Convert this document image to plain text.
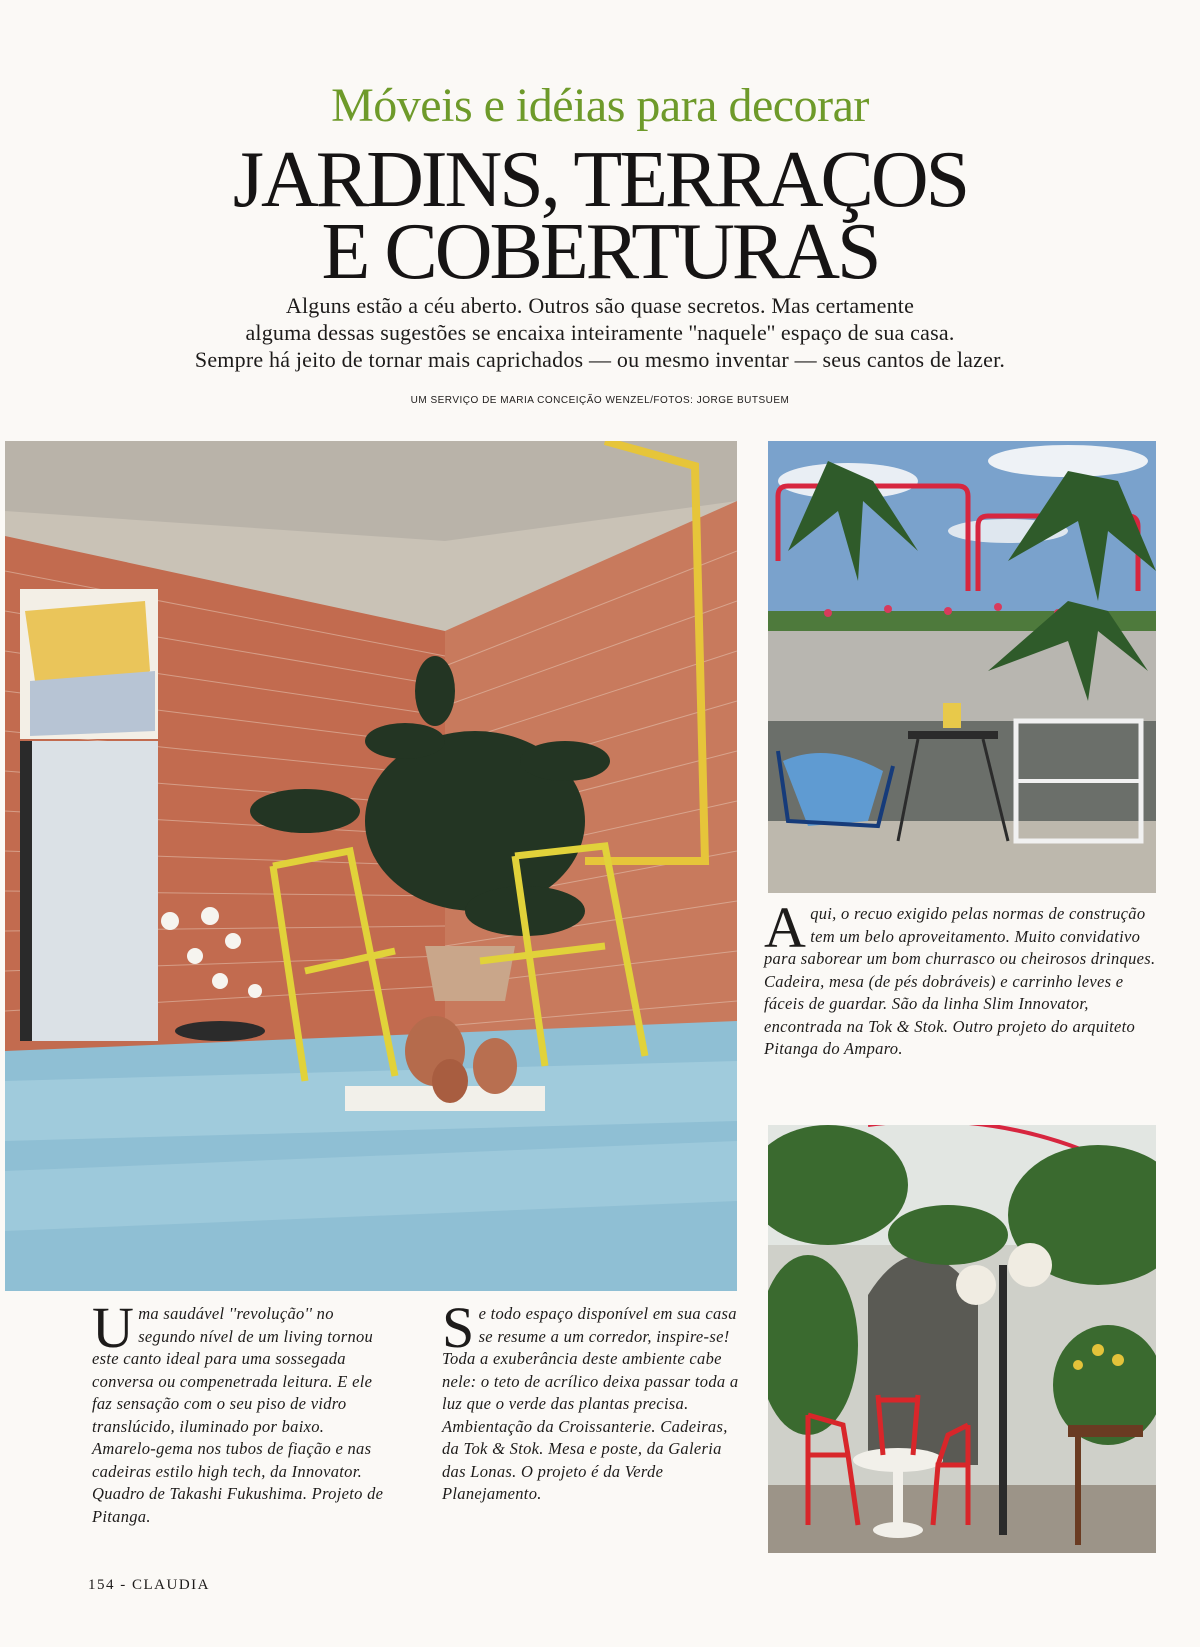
Móveis e idéias para decorar
JARDINS, TERRAÇOS
E COBERTURAS
Alguns estão a céu aberto. Outros são quase secretos. Mas certamente
alguma dessas sugestões se encaixa inteiramente ''naquele'' espaço de sua casa.
Sempre há jeito de tornar mais caprichados — ou mesmo inventar — seus cantos de lazer.
UM SERVIÇO DE MARIA CONCEIÇÃO WENZEL/FOTOS: JORGE BUTSUEM
A qui, o recuo exigido pelas normas de construção tem um belo aproveitamento. Muito convidativo para saborear um bom churrasco ou cheirosos drinques. Cadeira, mesa (de pés dobráveis) e carrinho leves e fáceis de guardar. São da linha Slim Innovator, encontrada na Tok & Stok. Outro projeto do arquiteto Pitanga do Amparo.

U ma saudável ''revolução'' no segundo nível de um living tornou este canto ideal para uma sossegada conversa ou compenetrada leitura. E ele faz sensação com o seu piso de vidro translúcido, iluminado por baixo. Amarelo-gema nos tubos de fiação e nas cadeiras estilo high tech, da Innovator. Quadro de Takashi Fukushima. Projeto de Pitanga.

S e todo espaço disponível em sua casa se resume a um corredor, inspire-se! Toda a exuberância deste ambiente cabe nele: o teto de acrílico deixa passar toda a luz que o verde das plantas precisa. Ambientação da Croissanterie. Cadeiras, da Tok & Stok. Mesa e poste, da Galeria das Lonas. O projeto é da Verde Planejamento.

154 - CLAUDIA
